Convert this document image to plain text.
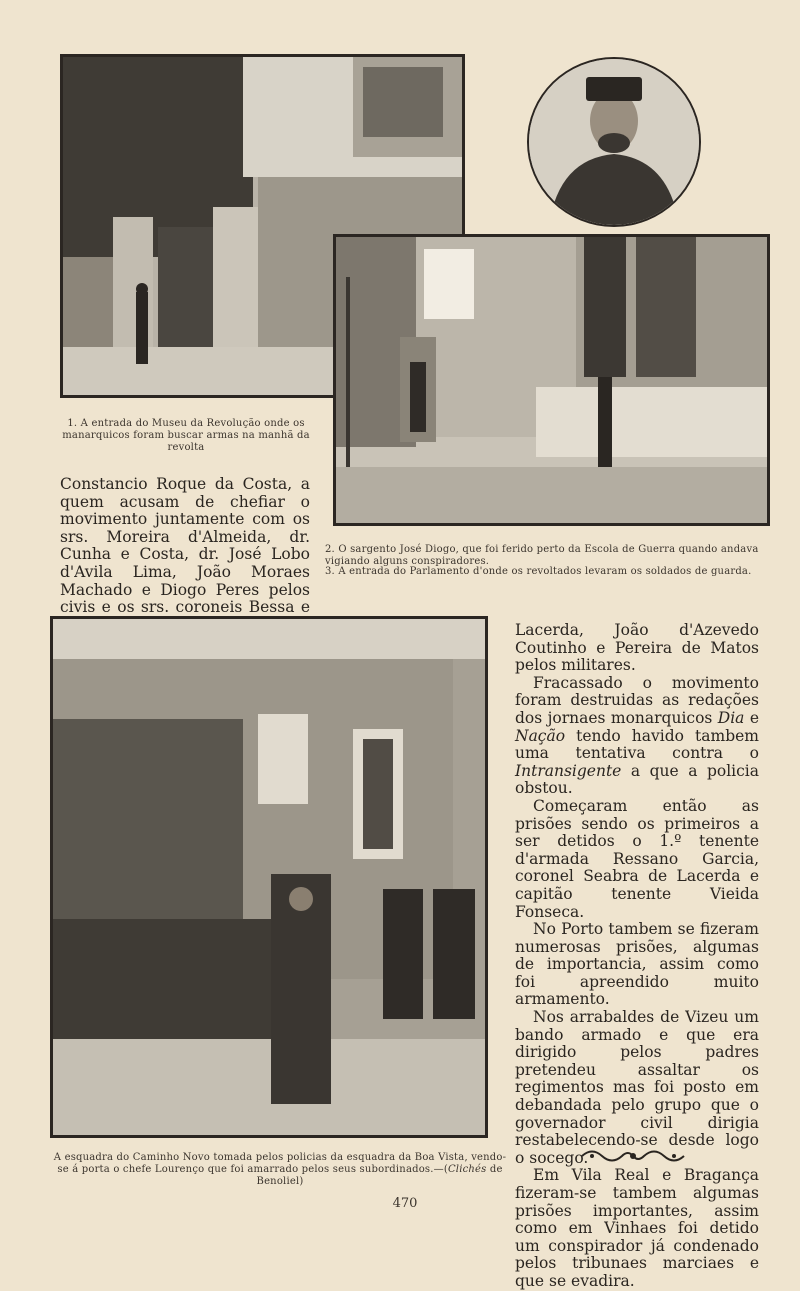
1. A entrada do Museu da Revolução onde os manarquicos foram buscar armas na manhã da revolta
Constancio Roque da Costa, a quem acusam de chefiar o movimento juntamente com os srs. Moreira d'Almeida, dr. Cunha e Costa, dr. José Lobo d'Avila Lima, João Moraes Machado e Diogo Peres pelos civis e os srs. coroneis Bessa e
2. O sargento José Diogo, que foi ferido perto da Escola de Guerra quando andava vigiando alguns conspiradores.
3. A entrada do Parlamento d'onde os revoltados levaram os soldados de guarda.

Lacerda, João d'Azevedo Coutinho e Pereira de Matos pelos militares.

Fracassado o movimento foram destruidas as redações dos jornaes monarquicos Dia e Nação tendo havido tambem uma tentativa contra o Intransigente a que a policia obstou.

Começaram então as prisões sendo os primeiros a ser detidos o 1.º tenente d'armada Ressano Garcia, coronel Seabra de Lacerda e capitão tenente Vieida Fonseca.

No Porto tambem se fizeram numerosas prisões, algumas de importancia, assim como foi apreendido muito armamento.

Nos arrabaldes de Vizeu um bando armado e que era dirigido pelos padres pretendeu assaltar os regimentos mas foi posto em debandada pelo grupo que o governador civil dirigia restabelecendo-se desde logo o socego.

Em Vila Real e Bragança fizeram-se tambem algumas prisões importantes, assim como em Vinhaes foi detido um conspirador já condenado pelos tribunaes marciaes e que se evadira.

A esquadra do Caminho Novo tomada pelos policias da esquadra da Boa Vista, vendo-se á porta o chefe Lourenço que foi amarrado pelos seus subordinados.—(Clichés de Benoliel)
470
